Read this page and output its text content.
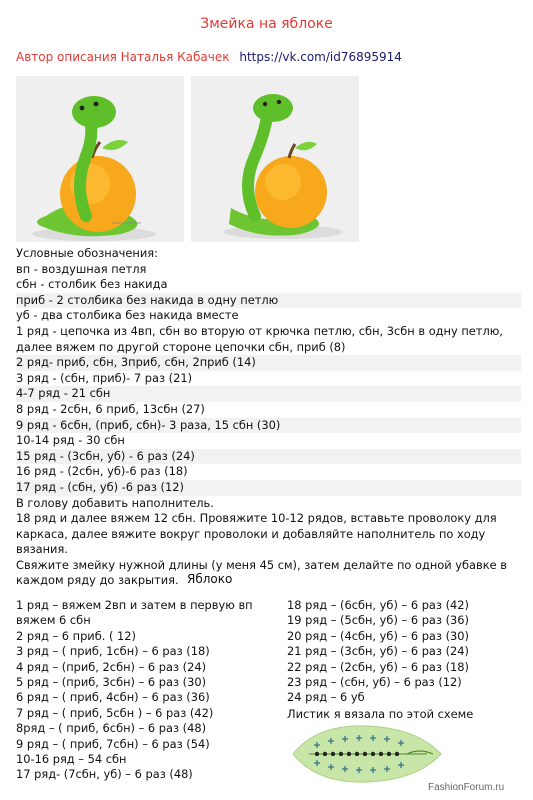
Змейка на яблоке
Автор описания Наталья Кабачек https://vk.com/id76895914
Natalya Kabachek
Условные обозначения:
вп - воздушная петля
сбн - столбик без накида
приб - 2 столбика без накида в одну петлю
уб - два столбика без накида вместе
1 ряд - цепочка из 4вп, сбн во вторую от крючка петлю, сбн, 3сбн в одну петлю, далее вяжем по другой стороне цепочки сбн, приб (8)
2 ряд- приб, сбн, 3приб, сбн, 2приб (14)
3 ряд - (сбн, приб)- 7 раз (21)
4-7 ряд - 21 сбн
8 ряд - 2сбн, 6 приб, 13сбн (27)
9 ряд - 6сбн, (приб, сбн)- 3 раза, 15 сбн (30)
10-14 ряд - 30 сбн
15 ряд - (3сбн, уб) - 6 раз (24)
16 ряд - (2сбн, уб)-6 раз (18)
17 ряд - (сбн, уб) -6 раз (12)
В голову добавить наполнитель.
18 ряд и далее вяжем 12 сбн. Провяжите 10-12 рядов, вставьте проволоку для каркаса, далее вяжите вокруг проволоки и добавляйте наполнитель по ходу вязания.
Свяжите змейку нужной длины (у меня 45 см), затем делайте по одной убавке в каждом ряду до закрытия. Яблоко
1 ряд – вяжем 2вп и затем в первую вп вяжем 6 сбн
2 ряд – 6 приб. ( 12)
3 ряд – ( приб, 1сбн) – 6 раз (18)
4 ряд – (приб, 2сбн) – 6 раз (24)
5 ряд – (приб, 3сбн) – 6 раз (30)
6 ряд – ( приб, 4сбн) – 6 раз (36)
7 ряд – ( приб, 5сбн ) – 6 раз (42)
8ряд – ( приб, 6сбн) – 6 раз (48)
9 ряд – ( приб, 7сбн) – 6 раз (54)
10-16 ряд – 54 сбн
17 ряд- (7сбн, уб) – 6 раз (48)
18 ряд – (6сбн, уб) – 6 раз (42)
19 ряд – (5сбн, уб) – 6 раз (36)
20 ряд – (4сбн, уб) – 6 раз (30)
21 ряд – (3сбн, уб) – 6 раз (24)
22 ряд – (2сбн, уб) – 6 раз (18)
23 ряд – (сбн, уб) – 6 раз (12)
24 ряд – 6 уб
Листик я вязала по этой схеме
FashionForum.ru
